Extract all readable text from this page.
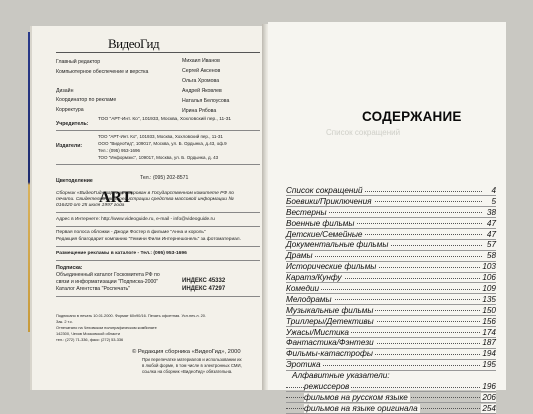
ВидеоГид
Главный редактор	Михаил Иванов
Компьютерное обеспечение и верстка	Сергей Аксенов
Ольга Хромова
Дизайн	Андрей Яковлев
Координатор по рекламе	Наталья Белоусова
Корректура	Ирина Рябова
Учредитель:
ТОО "АРТ-Инт. Ко", 101933, Москва, Хохловский пер., 11-31
Издатели:
ТОО "АРТ-Инт. Ко", 101933, Москва, Хохловский пер., 11-31
ООО "ВидеоГид", 109017, Москва, ул. Б. Ордынка, д.43, оф.9
Тел.: (095) 953-1696
ТОО "Информэкс", 109017, Москва, ул. Б. Ордынка, д. 43
Цветоделение
ART
Тел.: (095) 202-8571
Сборник «ВидеоГид» зарегистрирован в Государственном комитете РФ по
печати. Свидетельство о регистрации средства массовой информации №
016420 от 25 июля 1997 года
Адрес в Интернете: http://www.videoguide.ru, e-mail - info@videoguide.ru
Первая полоса обложки - Джоди Фостер в фильме "Анна и король"
Редакция благодарит компанию "Гемини Филм Интернешонель" за фотоматериал.
Размещение рекламы в каталоге - Тел.: (095) 953-1696
Подписка:
Объединенный каталог Госкомитета РФ по
связи и информатизации "Подписка-2000"	ИНДЕКС 45332
Каталог Агентства "Роспечать"	ИНДЕКС 47297
Подписано в печать 10.01.2000. Формат 60х90/16. Печать офсетная. Усл.печ.л. 20.
Зак. 2 т.с.
Отпечатано на Чеховском полиграфическом комбинате
142300, Чехов Московской области
тел.: (272) 71-336, факс: (272) 53-336
© Редакция сборника «ВидеоГид», 2000
При перепечатке материалов и использовании их
в любой форме, в том числе в электронных СМИ,
ссылка на сборник «ВидеоГид» обязательна.
СОДЕРЖАНИЕ
Список сокращений
Список сокращений	4
Боевики/Приключения	5
Вестерны	38
Военные фильмы	47
Детские/Семейные	47
Документальные фильмы	57
Драмы	58
Исторические фильмы	103
Каратэ/Кунфу	106
Комедии	109
Мелодрамы	135
Музыкальные фильмы	150
Триллеры/Детективы	156
Ужасы/Мистика	174
Фантастика/Фэнтези	187
Фильмы-катастрофы	194
Эротика	195
Алфавитные указатели:
режиссеров	196
фильмов на русском языке	206
фильмов на языке оригинала	254
